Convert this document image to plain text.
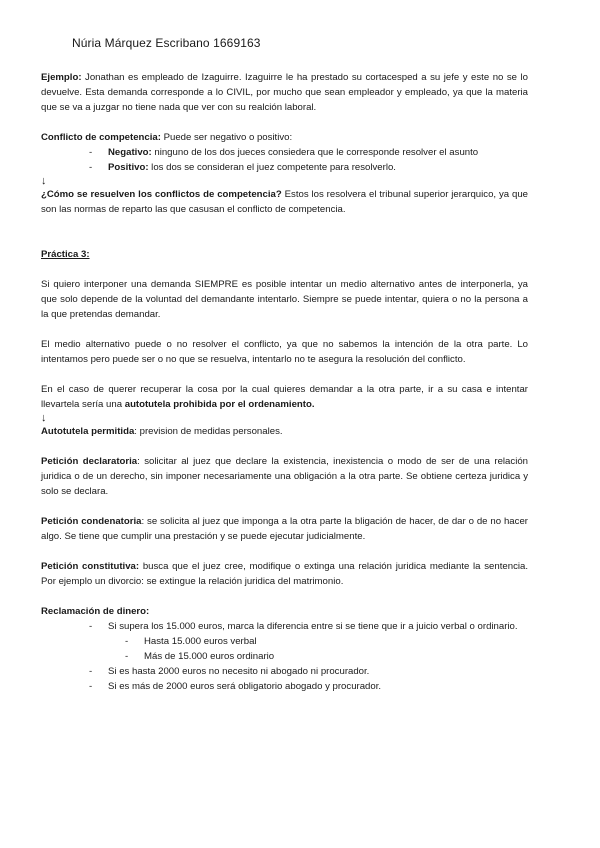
Núria Márquez Escribano 1669163

Ejemplo: Jonathan es empleado de Izaguirre. Izaguirre le ha prestado su cortacesped a su jefe y este no se lo devuelve. Esta demanda corresponde a lo CIVIL, por mucho que sean empleador y empleado, ya que la materia que se va a juzgar no tiene nada que ver con su realción laboral.

Conflicto de competencia: Puede ser negativo o positivo:

- Negativo: ninguno de los dos jueces consiedera que le corresponde resolver el asunto
- Positivo: los dos se consideran el juez competente para resolverlo.
↓

¿Cómo se resuelven los conflictos de competencia? Estos los resolvera el tribunal superior jerarquico, ya que son las normas de reparto las que casusan el conflicto de competencia.

Práctica 3:

Si quiero interponer una demanda SIEMPRE es posible intentar un medio alternativo antes de interponerla, ya que solo depende de la voluntad del demandante intentarlo. Siempre se puede intentar, quiera o no la persona a la que pretendas demandar.

El medio alternativo puede o no resolver el conflicto, ya que no sabemos la intención de la otra parte. Lo intentamos pero puede ser o no que se resuelva, intentarlo no te asegura la resolución del conflicto.

En el caso de querer recuperar la cosa por la cual quieres demandar a la otra parte, ir a su casa e intentar llevartela sería una autotutela prohibida por el ordenamiento.

↓

Autotutela permitida: prevision de medidas personales.

Petición declaratoria: solicitar al juez que declare la existencia, inexistencia o modo de ser de una relación juridica o de un derecho, sin imponer necesariamente una obligación a la otra parte. Se obtiene certeza juridica y solo se declara.

Petición condenatoria: se solicita al juez que imponga a la otra parte la bligación de hacer, de dar o de no hacer algo. Se tiene que cumplir una prestación y se puede ejecutar judicialmente.

Petición constitutiva: busca que el juez cree, modifique o extinga una relación juridica mediante la sentencia. Por ejemplo un divorcio: se extingue la relación juridica del matrimonio.

Reclamación de dinero:

- Si supera los 15.000 euros, marca la diferencia entre si se tiene que ir a juicio verbal o ordinario.
- Hasta 15.000 euros verbal
- Más de 15.000 euros ordinario
- Si es hasta 2000 euros no necesito ni abogado ni procurador.
- Si es más de 2000 euros será obligatorio abogado y procurador.
